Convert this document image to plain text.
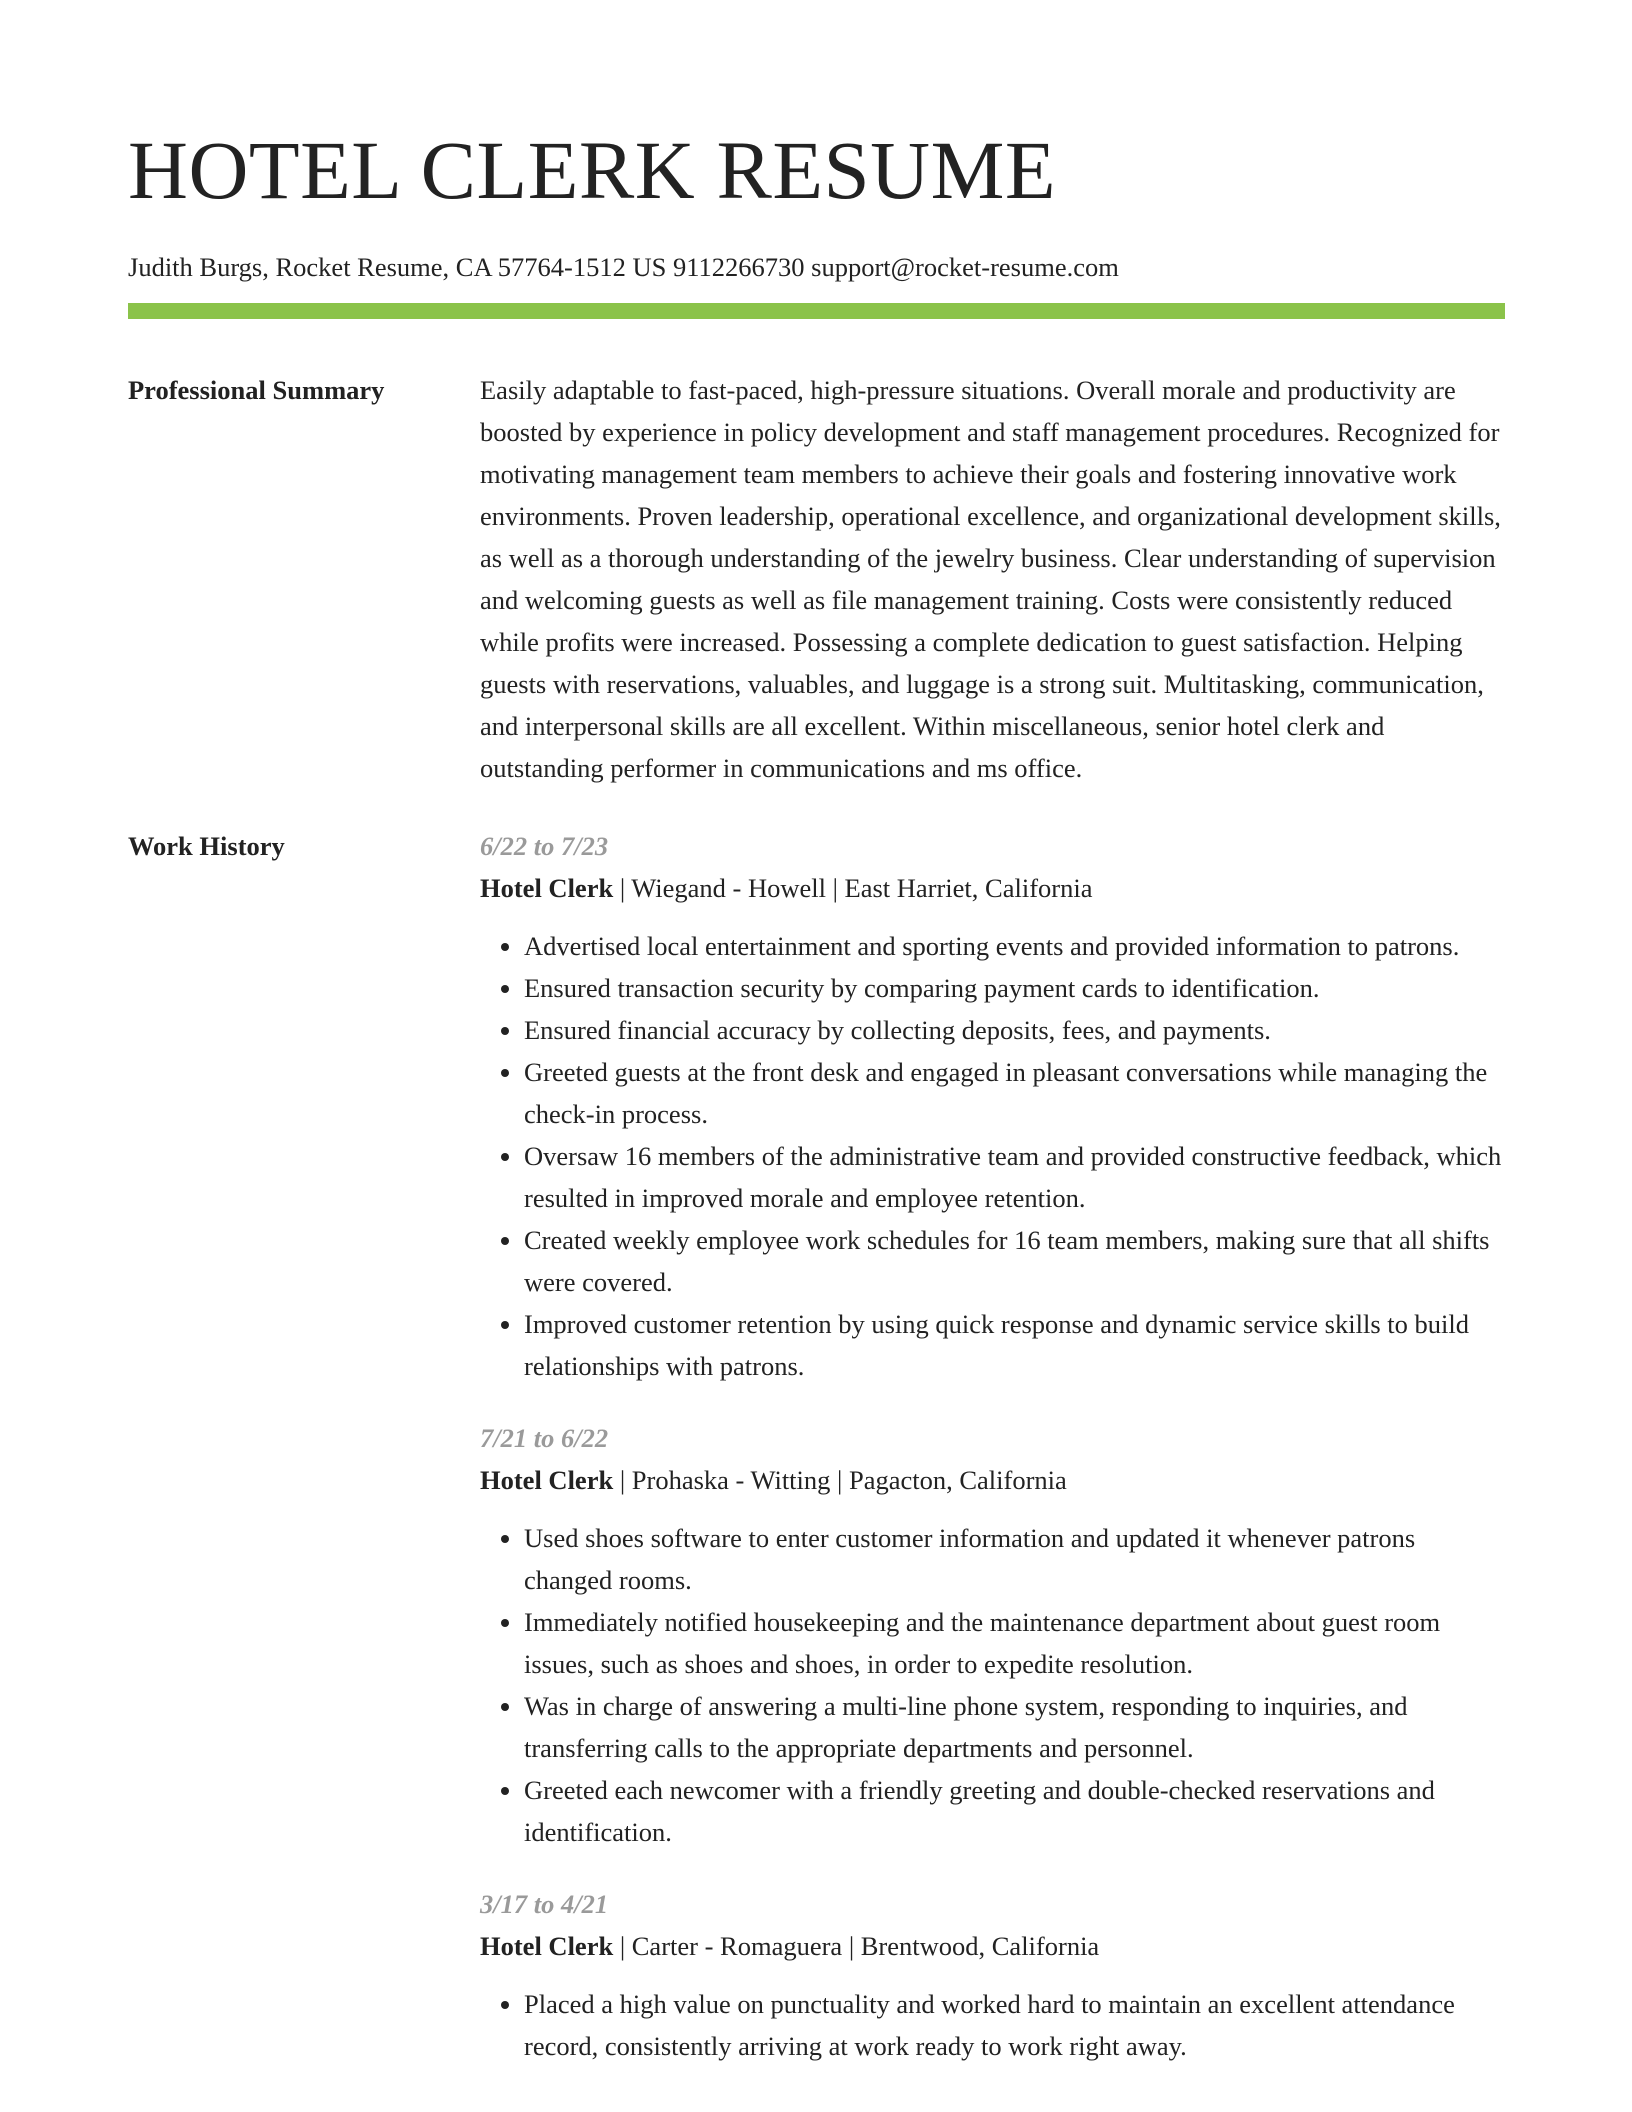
HOTEL CLERK RESUME
Judith Burgs, Rocket Resume, CA 57764-1512 US 9112266730 support@rocket-resume.com
Professional Summary	Easily adaptable to fast-paced, high-pressure situations. Overall morale and productivity are boosted by experience in policy development and staff management procedures. Recognized for motivating management team members to achieve their goals and fostering innovative work environments. Proven leadership, operational excellence, and organizational development skills, as well as a thorough understanding of the jewelry business. Clear understanding of supervision and welcoming guests as well as file management training. Costs were consistently reduced while profits were increased. Possessing a complete dedication to guest satisfaction. Helping guests with reservations, valuables, and luggage is a strong suit. Multitasking, communication, and interpersonal skills are all excellent. Within miscellaneous, senior hotel clerk and outstanding performer in communications and ms office.

Work History	6/22 to 7/23

Hotel Clerk | Wiegand - Howell | East Harriet, California

• Advertised local entertainment and sporting events and provided information to patrons.
• Ensured transaction security by comparing payment cards to identification.
• Ensured financial accuracy by collecting deposits, fees, and payments.
• Greeted guests at the front desk and engaged in pleasant conversations while managing the check-in process.
• Oversaw 16 members of the administrative team and provided constructive feedback, which resulted in improved morale and employee retention.
• Created weekly employee work schedules for 16 team members, making sure that all shifts were covered.
• Improved customer retention by using quick response and dynamic service skills to build relationships with patrons.
7/21 to 6/22

Hotel Clerk | Prohaska - Witting | Pagacton, California

• Used shoes software to enter customer information and updated it whenever patrons changed rooms.
• Immediately notified housekeeping and the maintenance department about guest room issues, such as shoes and shoes, in order to expedite resolution.
• Was in charge of answering a multi-line phone system, responding to inquiries, and transferring calls to the appropriate departments and personnel.
• Greeted each newcomer with a friendly greeting and double-checked reservations and identification.
3/17 to 4/21

Hotel Clerk | Carter - Romaguera | Brentwood, California

• Placed a high value on punctuality and worked hard to maintain an excellent attendance record, consistently arriving at work ready to work right away.
